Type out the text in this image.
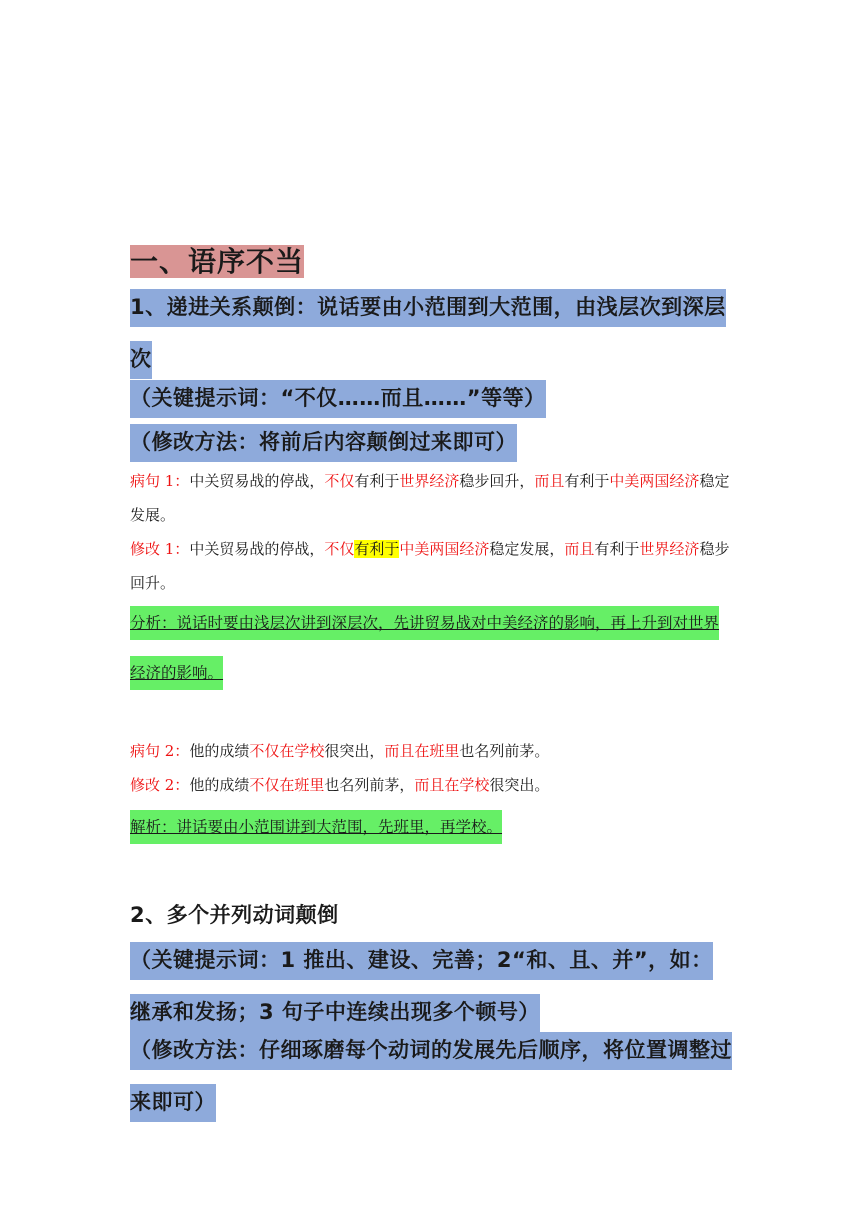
一、语序不当
1、递进关系颠倒：说话要由小范围到大范围，由浅层次到深层次
（关键提示词：“不仅……而且……”等等）
（修改方法：将前后内容颠倒过来即可）
病句 1：中关贸易战的停战，不仅有利于世界经济稳步回升，而且有利于中美两国经济稳定发展。
修改 1：中关贸易战的停战，不仅有利于中美两国经济稳定发展，而且有利于世界经济稳步回升。
分析：说话时要由浅层次讲到深层次，先讲贸易战对中美经济的影响，再上升到对世界经济的影响。
病句 2：他的成绩不仅在学校很突出，而且在班里也名列前茅。
修改 2：他的成绩不仅在班里也名列前茅，而且在学校很突出。
解析：讲话要由小范围讲到大范围，先班里，再学校。
2、多个并列动词颠倒
（关键提示词：1 推出、建设、完善；2“和、且、并”，如：继承和发扬；3 句子中连续出现多个顿号）
（修改方法：仔细琢磨每个动词的发展先后顺序，将位置调整过来即可）
